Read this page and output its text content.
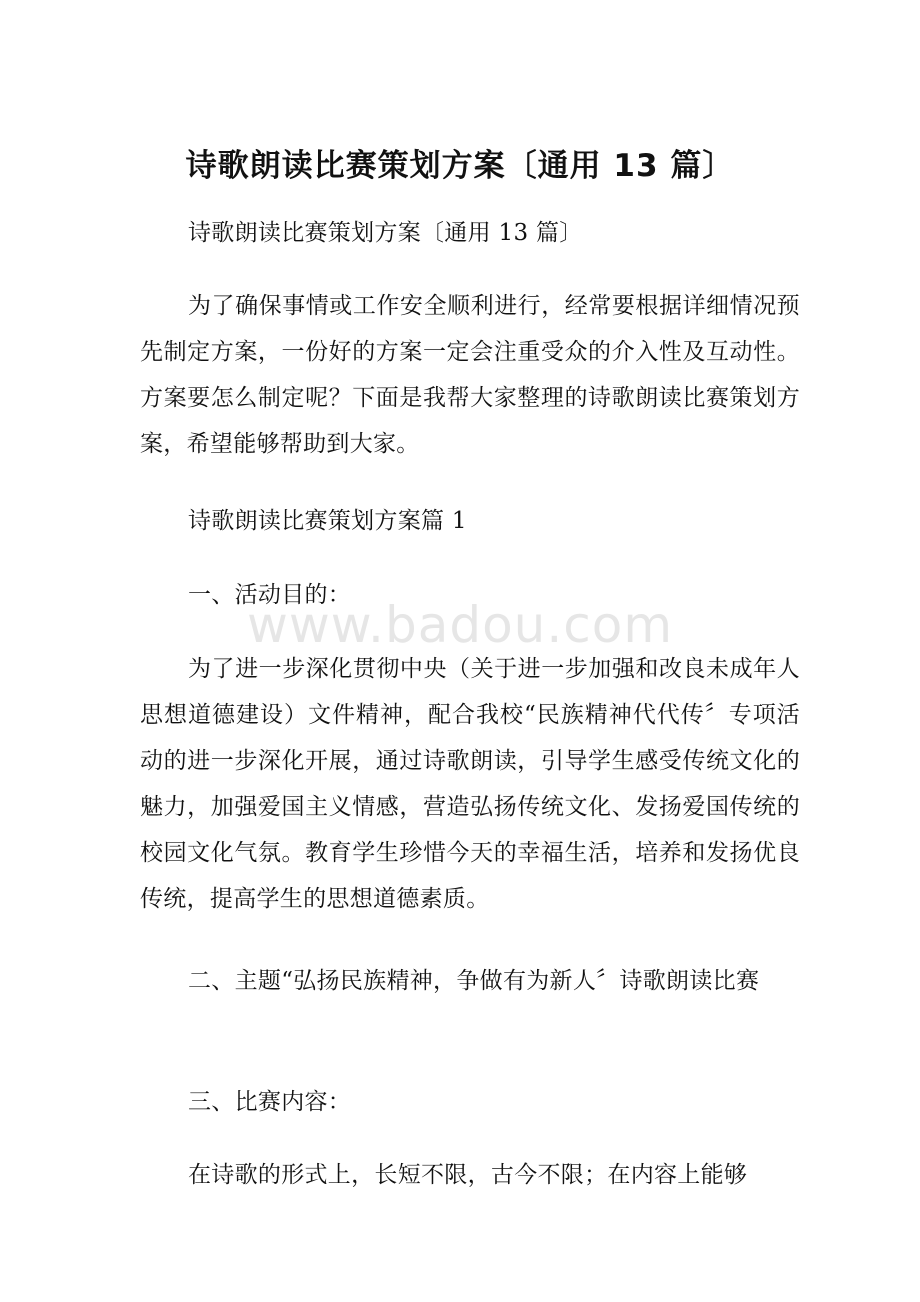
诗歌朗读比赛策划方案〔通用 13 篇〕

诗歌朗读比赛策划方案〔通用 13 篇〕

为了确保事情或工作安全顺利进行，经常要根据详细情况预先制定方案，一份好的方案一定会注重受众的介入性及互动性。方案要怎么制定呢？下面是我帮大家整理的诗歌朗读比赛策划方案，希望能够帮助到大家。

诗歌朗读比赛策划方案篇 1

一、活动目的：

为了进一步深化贯彻中央（关于进一步加强和改良未成年人思想道德建设）文件精神，配合我校“民族精神代代传〞专项活动的进一步深化开展，通过诗歌朗读，引导学生感受传统文化的魅力，加强爱国主义情感，营造弘扬传统文化、发扬爱国传统的校园文化气氛。教育学生珍惜今天的幸福生活，培养和发扬优良传统，提高学生的思想道德素质。

二、主题“弘扬民族精神，争做有为新人〞诗歌朗读比赛

三、比赛内容：

在诗歌的形式上，长短不限，古今不限；在内容上能够

www.badou.com
